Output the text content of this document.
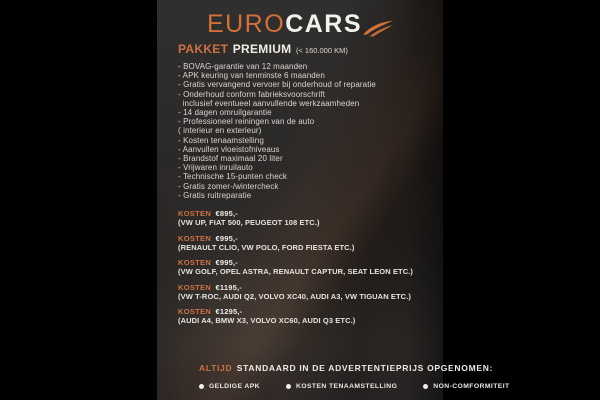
EURO CARS
PAKKET PREMIUM (< 160.000 KM)
- BOVAG-garantie van 12 maanden
- APK keuring van tenminste 6 maanden
- Gratis vervangend vervoer bij onderhoud of reparatie
- Onderhoud conform fabrieksvoorschrift
inclusief eventueel aanvullende werkzaamheden
- 14 dagen omruilgarantie
- Professioneel reiningen van de auto
( interieur en exterieur)
- Kosten tenaamstelling
- Aanvullen vloeistofniveaus
- Brandstof maximaal 20 liter
- Vrijwaren inruilauto
- Technische 15-punten check
- Gratis zomer-/wintercheck
- Gratis ruitreparatie
KOSTEN €895,-
(VW UP, FIAT 500, PEUGEOT 108 ETC.)
KOSTEN €995,-
(RENAULT CLIO, VW POLO, FORD FIESTA ETC.)
KOSTEN €995,-
(VW GOLF, OPEL ASTRA, RENAULT CAPTUR, SEAT LEON ETC.)
KOSTEN €1195,-
(VW T-ROC, AUDI Q2, VOLVO XC40, AUDI A3, VW TIGUAN ETC.)
KOSTEN €1295,-
(AUDI A4, BMW X3, VOLVO XC60, AUDI Q3 ETC.)
ALTIJD STANDAARD IN DE ADVERTENTIEPRIJS OPGENOMEN:
GELDIGE APK	KOSTEN TENAAMSTELLING	NON-COMFORMITEIT
